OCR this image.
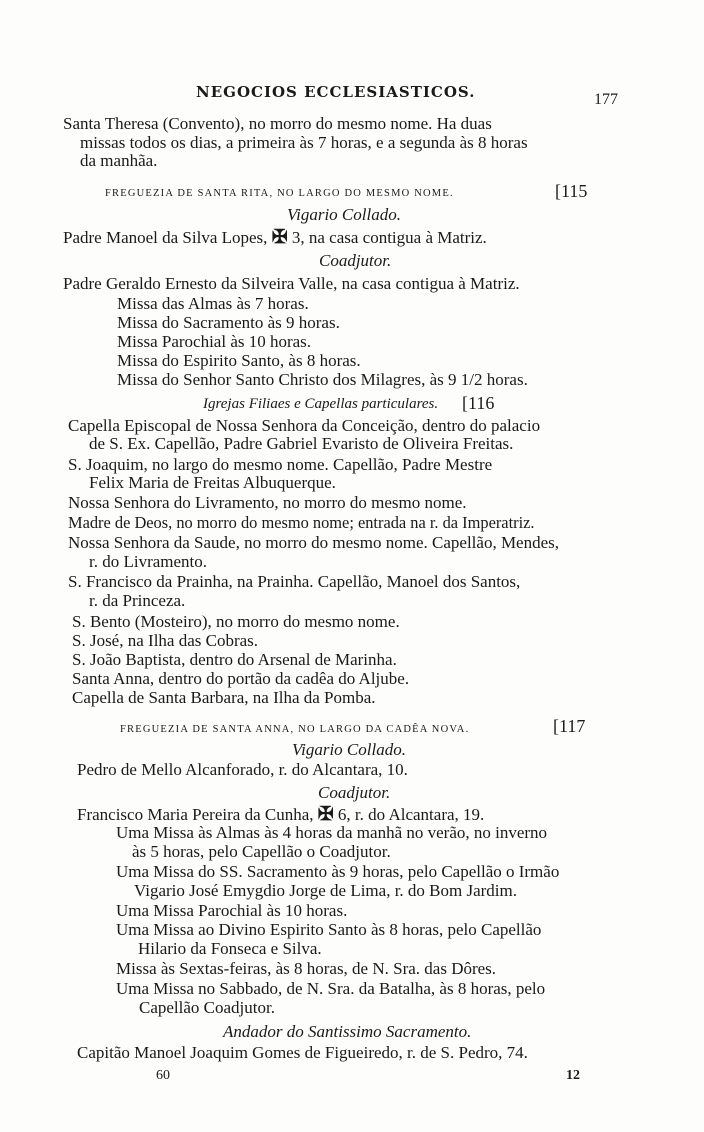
NEGOCIOS ECCLESIASTICOS.	177
Santa Theresa (Convento), no morro do mesmo nome. Ha duas
missas todos os dias, a primeira às 7 horas, e a segunda às 8 horas
da manhãa.
FREGUEZIA DE SANTA RITA, NO LARGO DO MESMO NOME.	[115
Vigario Collado.
Padre Manoel da Silva Lopes, ✠ 3, na casa contigua à Matriz.
Coadjutor.
Padre Geraldo Ernesto da Silveira Valle, na casa contigua à Matriz.
Missa das Almas às 7 horas.
Missa do Sacramento às 9 horas.
Missa Parochial às 10 horas.
Missa do Espirito Santo, às 8 horas.
Missa do Senhor Santo Christo dos Milagres, às 9 1/2 horas.
Igrejas Filiaes e Capellas particulares. [116
Capella Episcopal de Nossa Senhora da Conceição, dentro do palacio
de S. Ex. Capellão, Padre Gabriel Evaristo de Oliveira Freitas.
S. Joaquim, no largo do mesmo nome. Capellão, Padre Mestre
Felix Maria de Freitas Albuquerque.
Nossa Senhora do Livramento, no morro do mesmo nome.
Madre de Deos, no morro do mesmo nome; entrada na r. da Imperatriz.
Nossa Senhora da Saude, no morro do mesmo nome. Capellão, Mendes,
r. do Livramento.
S. Francisco da Prainha, na Prainha. Capellão, Manoel dos Santos,
r. da Princeza.
S. Bento (Mosteiro), no morro do mesmo nome.
S. José, na Ilha das Cobras.
S. João Baptista, dentro do Arsenal de Marinha.
Santa Anna, dentro do portão da cadêa do Aljube.
Capella de Santa Barbara, na Ilha da Pomba.
FREGUEZIA DE SANTA ANNA, NO LARGO DA CADÊA NOVA.	[117
Vigario Collado.
Pedro de Mello Alcanforado, r. do Alcantara, 10.
Coadjutor.
Francisco Maria Pereira da Cunha, ✠ 6, r. do Alcantara, 19.
Uma Missa às Almas às 4 horas da manhã no verão, no inverno
às 5 horas, pelo Capellão o Coadjutor.
Uma Missa do SS. Sacramento às 9 horas, pelo Capellão o Irmão
Vigario José Emygdio Jorge de Lima, r. do Bom Jardim.
Uma Missa Parochial às 10 horas.
Uma Missa ao Divino Espirito Santo às 8 horas, pelo Capellão
Hilario da Fonseca e Silva.
Missa às Sextas-feiras, às 8 horas, de N. Sra. das Dôres.
Uma Missa no Sabbado, de N. Sra. da Batalha, às 8 horas, pelo
Capellão Coadjutor.
Andador do Santissimo Sacramento.
Capitão Manoel Joaquim Gomes de Figueiredo, r. de S. Pedro, 74.
60	12
